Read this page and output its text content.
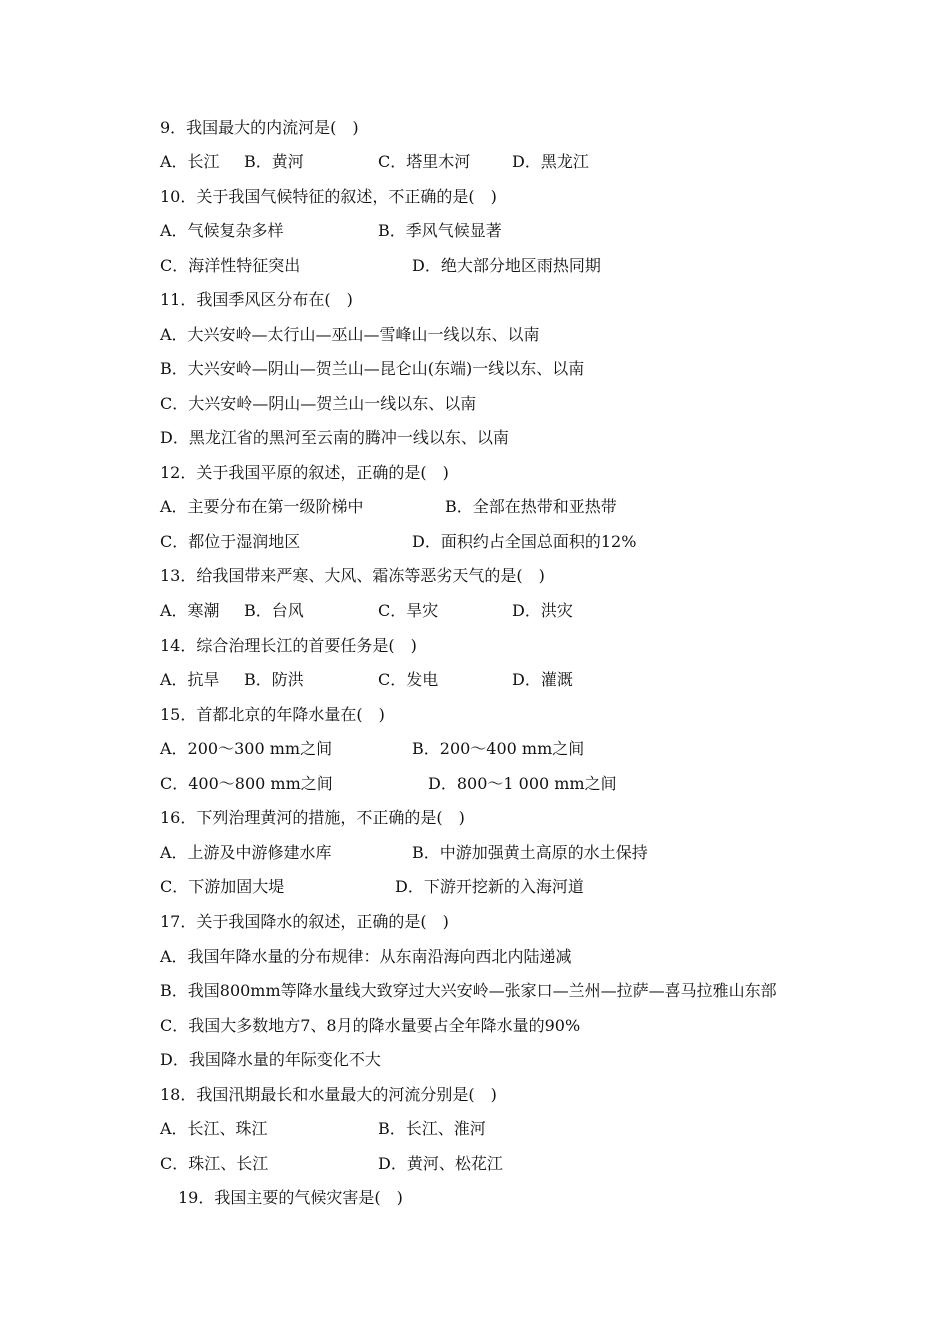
9．我国最大的内流河是(　)
A．长江 B．黄河	C．塔里木河	D．黑龙江
10．关于我国气候特征的叙述，不正确的是(　)
A．气候复杂多样	B．季风气候显著
C．海洋性特征突出	D．绝大部分地区雨热同期
11．我国季风区分布在(　)
A．大兴安岭—太行山—巫山—雪峰山一线以东、以南
B．大兴安岭—阴山—贺兰山—昆仑山(东端)一线以东、以南
C．大兴安岭—阴山—贺兰山一线以东、以南
D．黑龙江省的黑河至云南的腾冲一线以东、以南
12．关于我国平原的叙述，正确的是(　)
A．主要分布在第一级阶梯中	B．全部在热带和亚热带
C．都位于湿润地区	D．面积约占全国总面积的12%
13．给我国带来严寒、大风、霜冻等恶劣天气的是(　)
A．寒潮 B．台风	C．旱灾	D．洪灾
14．综合治理长江的首要任务是(　)
A．抗旱 B．防洪	C．发电	D．灌溉
15．首都北京的年降水量在(　)
A．200～300 mm之间	B．200～400 mm之间
C．400～800 mm之间	D．800～1 000 mm之间
16．下列治理黄河的措施，不正确的是(　)
A．上游及中游修建水库	B．中游加强黄土高原的水土保持
C．下游加固大堤	D．下游开挖新的入海河道
17．关于我国降水的叙述，正确的是(　)
A．我国年降水量的分布规律：从东南沿海向西北内陆递减
B．我国800mm等降水量线大致穿过大兴安岭—张家口—兰州—拉萨—喜马拉雅山东部
C．我国大多数地方7、8月的降水量要占全年降水量的90%
D．我国降水量的年际变化不大
18．我国汛期最长和水量最大的河流分别是(　)
A．长江、珠江	B．长江、淮河
C．珠江、长江	D．黄河、松花江
19．我国主要的气候灾害是(　)
